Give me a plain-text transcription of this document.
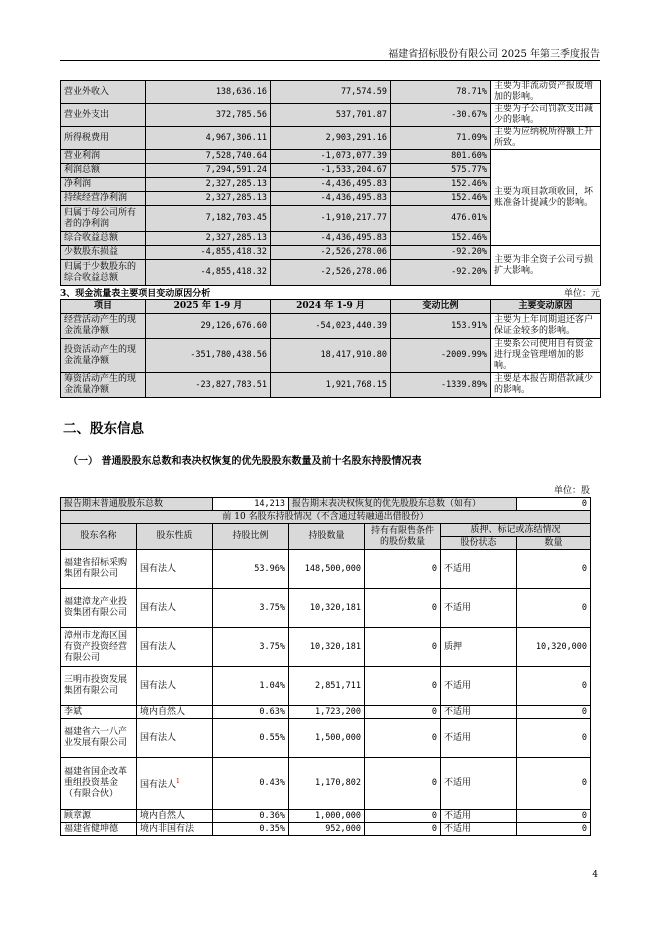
福建省招标股份有限公司 2025 年第三季度报告
营业外收入	138,636.16	77,574.59	78.71%	主要为非流动资产报废增加的影响。
营业外支出	372,785.56	537,701.87	-30.67%	主要为子公司罚款支出减少的影响。
所得税费用	4,967,306.11	2,903,291.16	71.09%	主要为应纳税所得额上升所致。
营业利润	7,528,740.64	-1,073,077.39	801.60%	主要为项目款项收回，坏账准备计提减少的影响。
利润总额	7,294,591.24	-1,533,204.67	575.77%	
净利润	2,327,285.13	-4,436,495.83	152.46%	
持续经营净利润	2,327,285.13	-4,436,495.83	152.46%	
归属于母公司所有者的净利润	7,182,703.45	-1,910,217.77	476.01%	
综合收益总额	2,327,285.13	-4,436,495.83	152.46%	
少数股东损益	-4,855,418.32	-2,526,278.06	-92.20%	主要为非全资子公司亏损扩大影响。
归属于少数股东的综合收益总额	-4,855,418.32	-2,526,278.06	-92.20%	
3、现金流量表主要项目变动原因分析	单位：元
项目	2025 年 1-9 月	2024 年 1-9 月	变动比例	主要变动原因
经营活动产生的现金流量净额	29,126,676.60	-54,023,440.39	153.91%	主要为上年同期退还客户保证金较多的影响。
投资活动产生的现金流量净额	-351,780,438.56	18,417,910.80	-2009.99%	主要系公司使用自有资金进行现金管理增加的影响。
筹资活动产生的现金流量净额	-23,827,783.51	1,921,768.15	-1339.89%	主要是本报告期借款减少的影响。
二、股东信息
（一） 普通股股东总数和表决权恢复的优先股股东数量及前十名股东持股情况表
单位：股
报告期末普通股股东总数		14,213	报告期末表决权恢复的优先股股东总数（如有）			0
前 10 名股东持股情况（不含通过转融通出借股份）						
股东名称	股东性质	持股比例	持股数量	持有有限售条件的股份数量	质押、标记或冻结情况	
					股份状态	数量
福建省招标采购集团有限公司	国有法人	53.96%	148,500,000	0	不适用	0
福建漳龙产业投资集团有限公司	国有法人	3.75%	10,320,181	0	不适用	0
漳州市龙海区国有资产投资经营有限公司	国有法人	3.75%	10,320,181	0	质押	10,320,000
三明市投资发展集团有限公司	国有法人	1.04%	2,851,711	0	不适用	0
李斌	境内自然人	0.63%	1,723,200	0	不适用	0
福建省六一八产业发展有限公司	国有法人	0.55%	1,500,000	0	不适用	0
福建省国企改革重组投资基金（有限合伙）	国有法人$^1$	0.43%	1,170,802	0	不适用	0
顾章源	境内自然人	0.36%	1,000,000	0	不适用	0
福建省健坤德	境内非国有法	0.35%	952,000	0	不适用	0
4
